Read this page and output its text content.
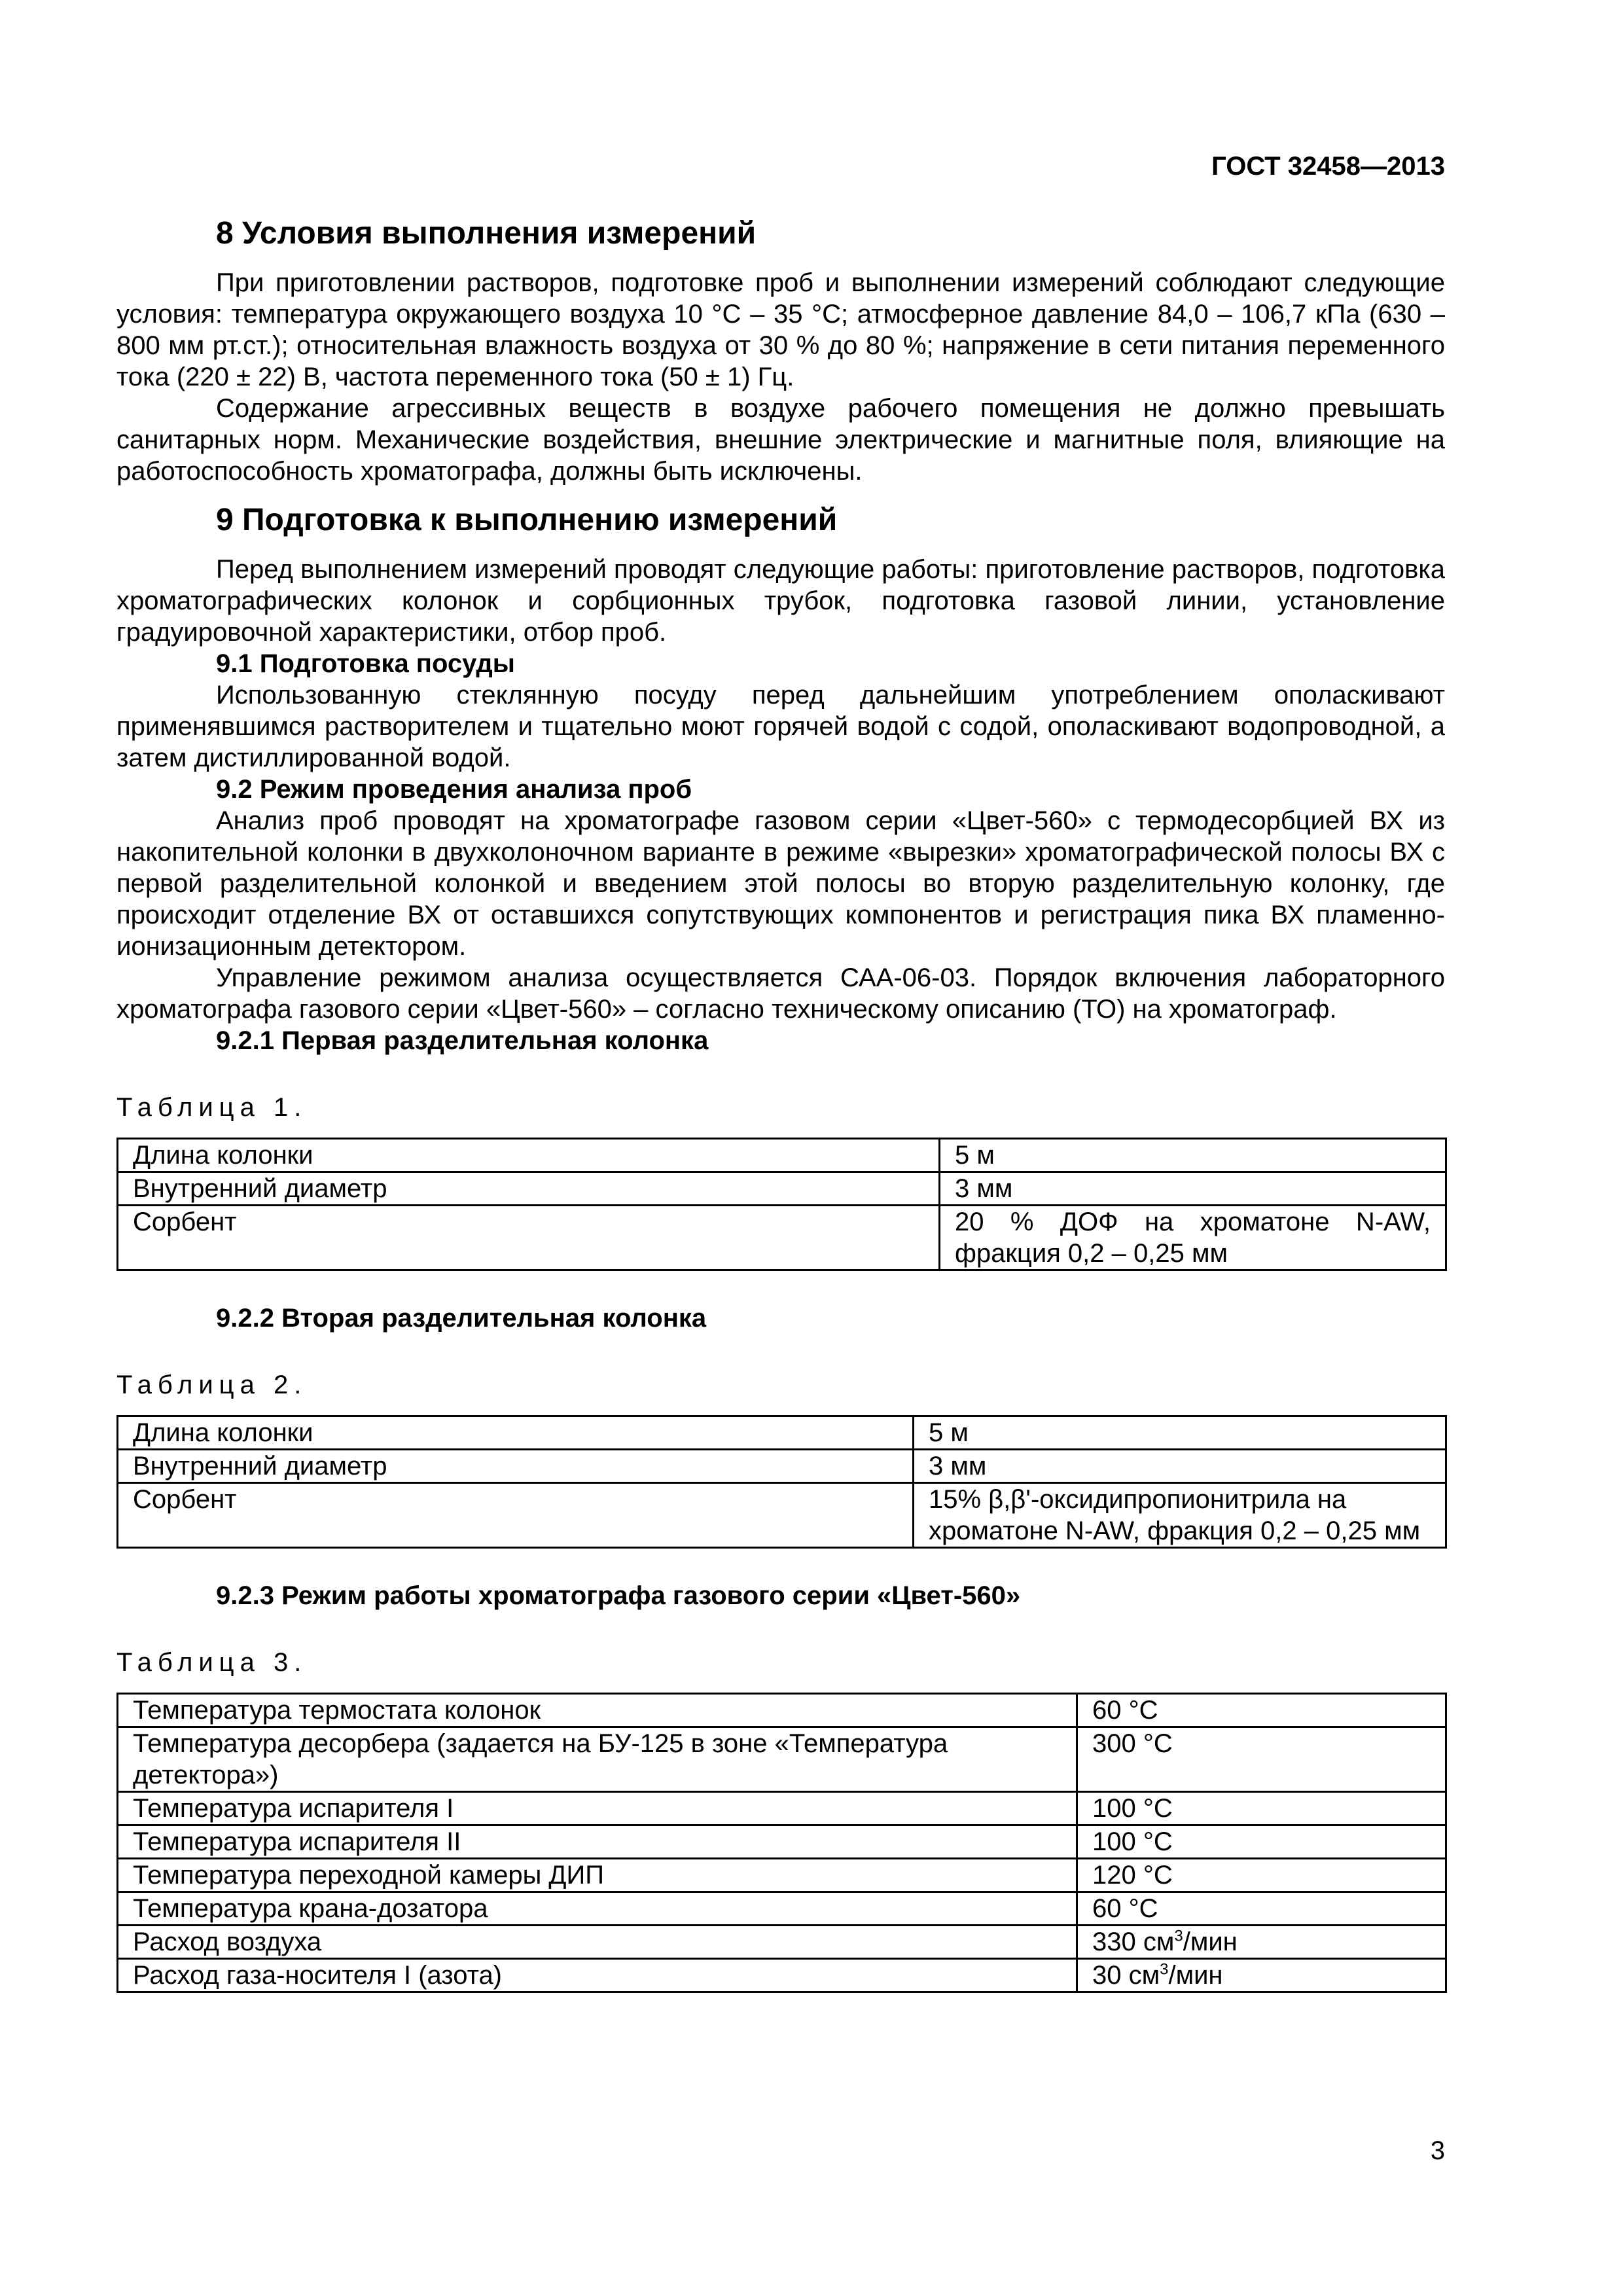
ГОСТ 32458—2013
8 Условия выполнения измерений

При приготовлении растворов, подготовке проб и выполнении измерений соблюдают следующие условия: температура окружающего воздуха 10 °С – 35 °С; атмосферное давление 84,0 – 106,7 кПа (630 – 800 мм рт.ст.); относительная влажность воздуха от 30 % до 80 %; напряжение в сети питания переменного тока (220 ± 22) В, частота переменного тока (50 ± 1) Гц.

Содержание агрессивных веществ в воздухе рабочего помещения не должно превышать санитарных норм. Механические воздействия, внешние электрические и магнитные поля, влияющие на работоспособность хроматографа, должны быть исключены.

9 Подготовка к выполнению измерений

Перед выполнением измерений проводят следующие работы: приготовление растворов, подготовка хроматографических колонок и сорбционных трубок, подготовка газовой линии, установление градуировочной характеристики, отбор проб.

9.1 Подготовка посуды

Использованную стеклянную посуду перед дальнейшим употреблением ополаскивают применявшимся растворителем и тщательно моют горячей водой с содой, ополаскивают водопроводной, а затем дистиллированной водой.

9.2 Режим проведения анализа проб

Анализ проб проводят на хроматографе газовом серии «Цвет-560» с термодесорбцией ВХ из накопительной колонки в двухколоночном варианте в режиме «вырезки» хроматографической полосы ВХ с первой разделительной колонкой и введением этой полосы во вторую разделительную колонку, где происходит отделение ВХ от оставшихся сопутствующих компонентов и регистрация пика ВХ пламенно-ионизационным детектором.

Управление режимом анализа осуществляется САА-06-03. Порядок включения лабораторного хроматографа газового серии «Цвет-560» – согласно техническому описанию (ТО) на хроматограф.

9.2.1 Первая разделительная колонка

Таблица 1.

Длина колонки	5 м
Внутренний диаметр	3 мм
Сорбент	20 % ДОФ на хроматоне N-AW, фракция 0,2 – 0,25 мм

9.2.2 Вторая разделительная колонка

Таблица 2.

Длина колонки	5 м
Внутренний диаметр	3 мм
Сорбент	15% β,β'-оксидипропионитрила на хроматоне N-AW, фракция 0,2 – 0,25 мм

9.2.3 Режим работы хроматографа газового серии «Цвет-560»

Таблица 3.

Температура термостата колонок	60 °С
Температура десорбера (задается на БУ-125 в зоне «Температура детектора»)	300 °С
Температура испарителя I	100 °С
Температура испарителя II	100 °С
Температура переходной камеры ДИП	120 °С
Температура крана-дозатора	60 °С
Расход воздуха	330 $см^3$/мин
Расход газа-носителя I (азота)	30 $см^3$/мин
3
